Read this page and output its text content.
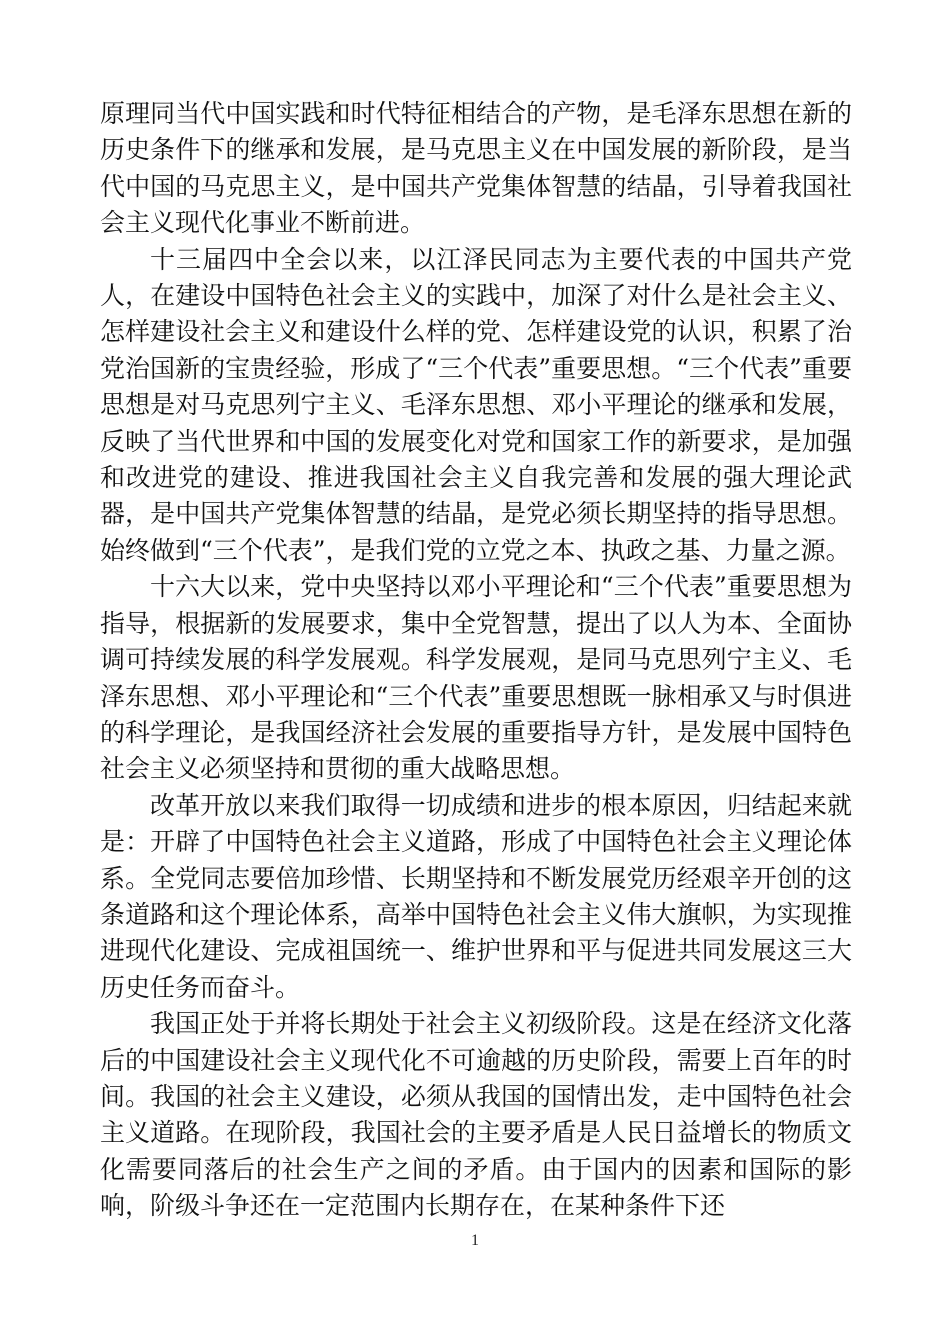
原理同当代中国实践和时代特征相结合的产物，是毛泽东思想在新的历史条件下的继承和发展，是马克思主义在中国发展的新阶段，是当代中国的马克思主义，是中国共产党集体智慧的结晶，引导着我国社会主义现代化事业不断前进。

十三届四中全会以来，以江泽民同志为主要代表的中国共产党人，在建设中国特色社会主义的实践中，加深了对什么是社会主义、怎样建设社会主义和建设什么样的党、怎样建设党的认识，积累了治党治国新的宝贵经验，形成了“三个代表”重要思想。“三个代表”重要思想是对马克思列宁主义、毛泽东思想、邓小平理论的继承和发展，反映了当代世界和中国的发展变化对党和国家工作的新要求，是加强和改进党的建设、推进我国社会主义自我完善和发展的强大理论武器，是中国共产党集体智慧的结晶，是党必须长期坚持的指导思想。始终做到“三个代表”，是我们党的立党之本、执政之基、力量之源。

十六大以来，党中央坚持以邓小平理论和“三个代表”重要思想为指导，根据新的发展要求，集中全党智慧，提出了以人为本、全面协调可持续发展的科学发展观。科学发展观，是同马克思列宁主义、毛泽东思想、邓小平理论和“三个代表”重要思想既一脉相承又与时俱进的科学理论，是我国经济社会发展的重要指导方针，是发展中国特色社会主义必须坚持和贯彻的重大战略思想。

改革开放以来我们取得一切成绩和进步的根本原因，归结起来就是：开辟了中国特色社会主义道路，形成了中国特色社会主义理论体系。全党同志要倍加珍惜、长期坚持和不断发展党历经艰辛开创的这条道路和这个理论体系，高举中国特色社会主义伟大旗帜，为实现推进现代化建设、完成祖国统一、维护世界和平与促进共同发展这三大历史任务而奋斗。

我国正处于并将长期处于社会主义初级阶段。这是在经济文化落后的中国建设社会主义现代化不可逾越的历史阶段，需要上百年的时间。我国的社会主义建设，必须从我国的国情出发，走中国特色社会主义道路。在现阶段，我国社会的主要矛盾是人民日益增长的物质文化需要同落后的社会生产之间的矛盾。由于国内的因素和国际的影响，阶级斗争还在一定范围内长期存在，在某种条件下还

1
